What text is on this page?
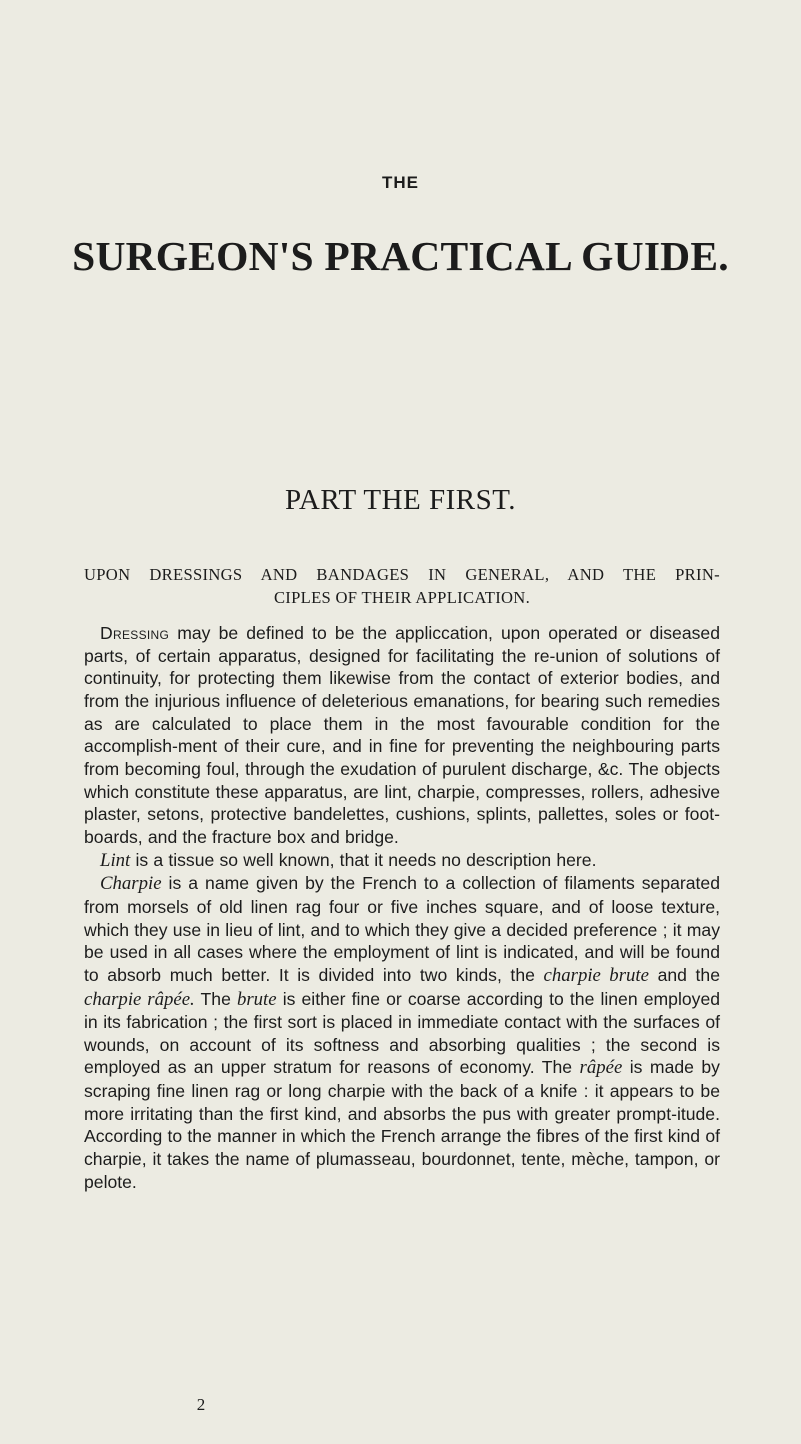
THE
SURGEON'S PRACTICAL GUIDE.
PART THE FIRST.
UPON DRESSINGS AND BANDAGES IN GENERAL, AND THE PRIN-
CIPLES OF THEIR APPLICATION.

Dressing may be defined to be the appliccation, upon operated or diseased parts, of certain apparatus, designed for facilitating the re-union of solutions of continuity, for protecting them likewise from the contact of exterior bodies, and from the injurious influence of deleterious emanations, for bearing such remedies as are calculated to place them in the most favourable condition for the accomplish-ment of their cure, and in fine for preventing the neighbouring parts from becoming foul, through the exudation of purulent discharge, &c. The objects which constitute these apparatus, are lint, charpie, compresses, rollers, adhesive plaster, setons, protective bandelettes, cushions, splints, pallettes, soles or foot-boards, and the fracture box and bridge.

Lint is a tissue so well known, that it needs no description here.

Charpie is a name given by the French to a collection of filaments separated from morsels of old linen rag four or five inches square, and of loose texture, which they use in lieu of lint, and to which they give a decided preference ; it may be used in all cases where the employment of lint is indicated, and will be found to absorb much better. It is divided into two kinds, the charpie brute and the charpie râpée. The brute is either fine or coarse according to the linen employed in its fabrication ; the first sort is placed in immediate contact with the surfaces of wounds, on account of its softness and absorbing qualities ; the second is employed as an upper stratum for reasons of economy. The râpée is made by scraping fine linen rag or long charpie with the back of a knife : it appears to be more irritating than the first kind, and absorbs the pus with greater prompt-itude. According to the manner in which the French arrange the fibres of the first kind of charpie, it takes the name of plumasseau, bourdonnet, tente, mèche, tampon, or pelote.

2
